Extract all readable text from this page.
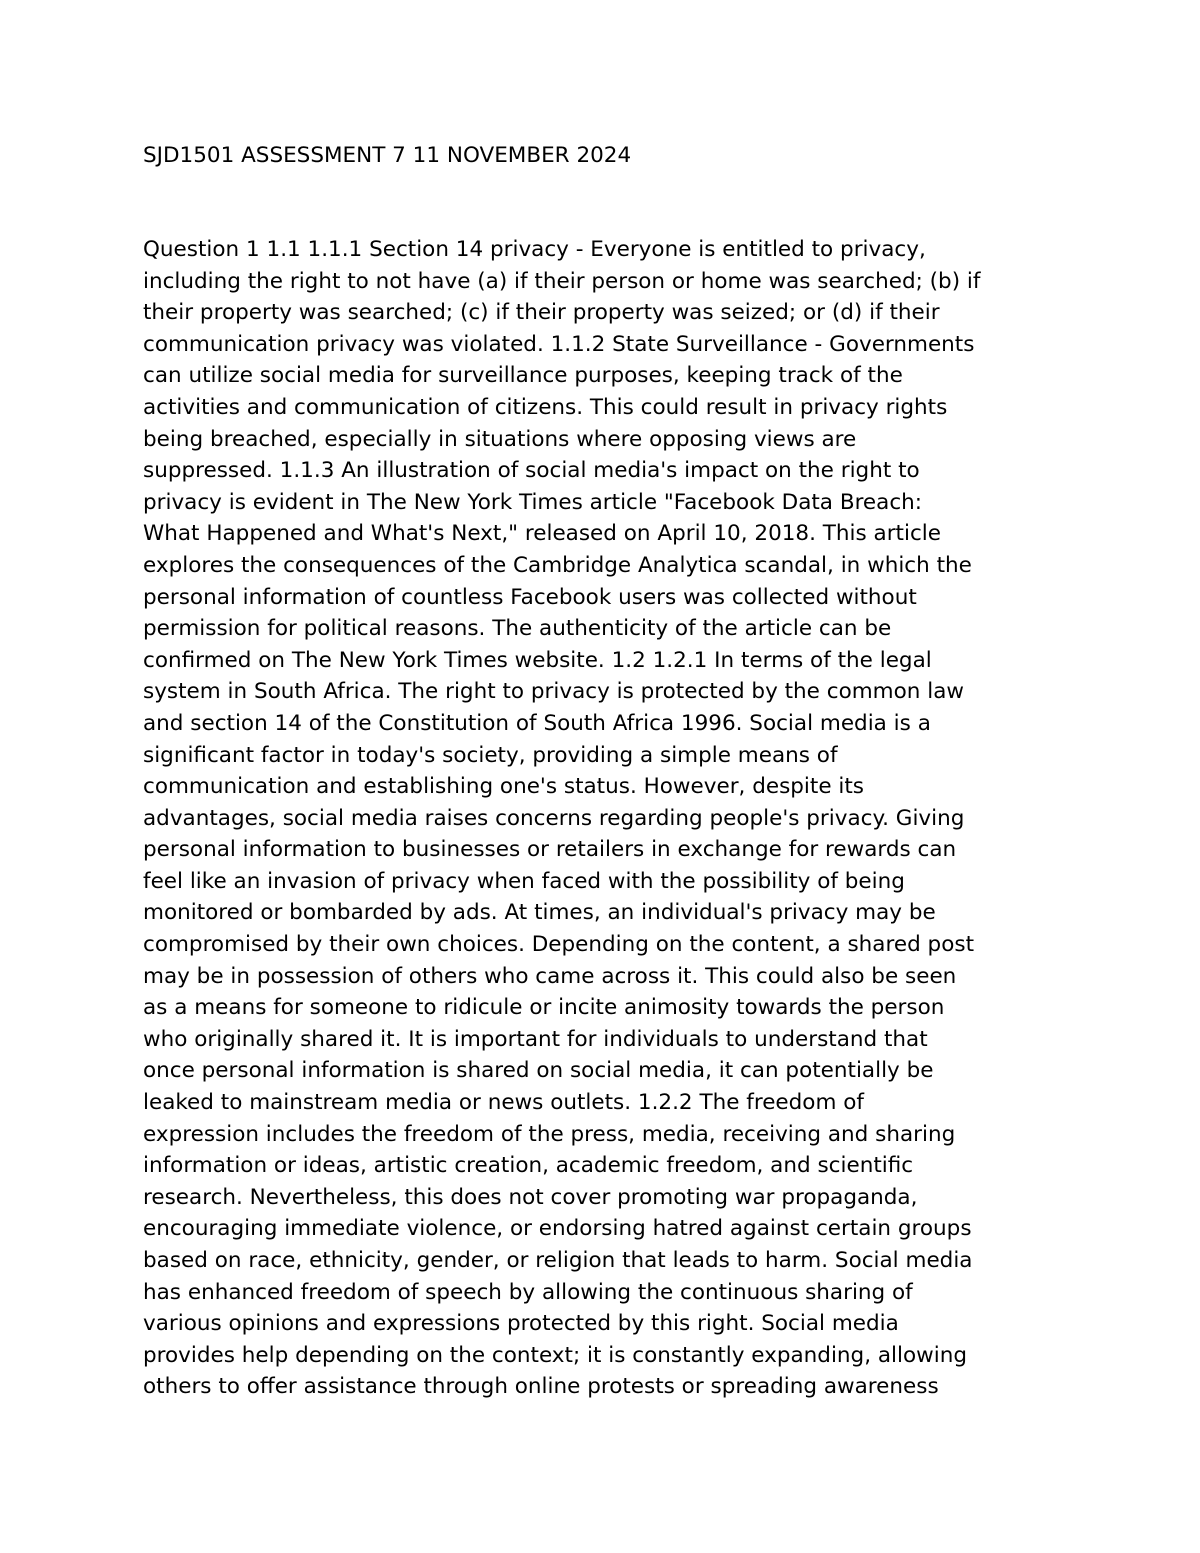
SJD1501 ASSESSMENT 7 11 NOVEMBER 2024
Question 1 1.1 1.1.1 Section 14 privacy - Everyone is entitled to privacy,
including the right to not have (a) if their person or home was searched; (b) if
their property was searched; (c) if their property was seized; or (d) if their
communication privacy was violated. 1.1.2 State Surveillance - Governments
can utilize social media for surveillance purposes, keeping track of the
activities and communication of citizens. This could result in privacy rights
being breached, especially in situations where opposing views are
suppressed. 1.1.3 An illustration of social media's impact on the right to
privacy is evident in The New York Times article "Facebook Data Breach:
What Happened and What's Next," released on April 10, 2018. This article
explores the consequences of the Cambridge Analytica scandal, in which the
personal information of countless Facebook users was collected without
permission for political reasons. The authenticity of the article can be
confirmed on The New York Times website. 1.2 1.2.1 In terms of the legal
system in South Africa. The right to privacy is protected by the common law
and section 14 of the Constitution of South Africa 1996. Social media is a
significant factor in today's society, providing a simple means of
communication and establishing one's status. However, despite its
advantages, social media raises concerns regarding people's privacy. Giving
personal information to businesses or retailers in exchange for rewards can
feel like an invasion of privacy when faced with the possibility of being
monitored or bombarded by ads. At times, an individual's privacy may be
compromised by their own choices. Depending on the content, a shared post
may be in possession of others who came across it. This could also be seen
as a means for someone to ridicule or incite animosity towards the person
who originally shared it. It is important for individuals to understand that
once personal information is shared on social media, it can potentially be
leaked to mainstream media or news outlets. 1.2.2 The freedom of
expression includes the freedom of the press, media, receiving and sharing
information or ideas, artistic creation, academic freedom, and scientific
research. Nevertheless, this does not cover promoting war propaganda,
encouraging immediate violence, or endorsing hatred against certain groups
based on race, ethnicity, gender, or religion that leads to harm. Social media
has enhanced freedom of speech by allowing the continuous sharing of
various opinions and expressions protected by this right. Social media
provides help depending on the context; it is constantly expanding, allowing
others to offer assistance through online protests or spreading awareness
